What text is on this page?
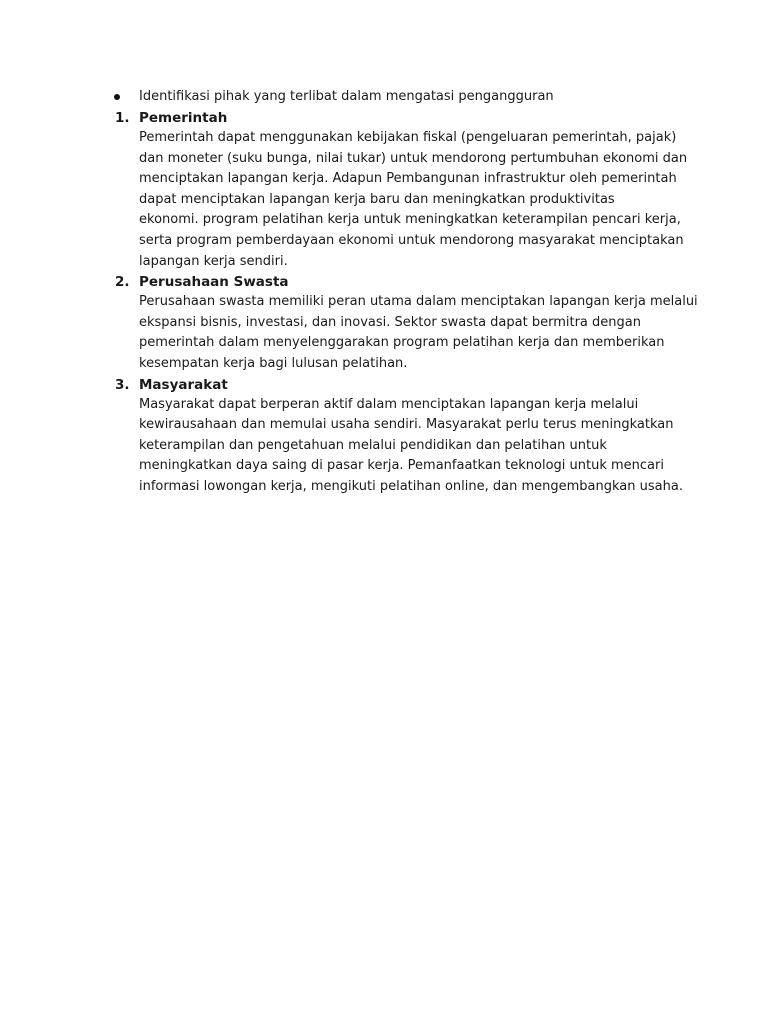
Identifikasi pihak yang terlibat dalam mengatasi pengangguran
1. Pemerintah

Pemerintah dapat menggunakan kebijakan fiskal (pengeluaran pemerintah, pajak)
dan moneter (suku bunga, nilai tukar) untuk mendorong pertumbuhan ekonomi dan
menciptakan lapangan kerja. Adapun Pembangunan infrastruktur oleh pemerintah
dapat menciptakan lapangan kerja baru dan meningkatkan produktivitas
ekonomi. program pelatihan kerja untuk meningkatkan keterampilan pencari kerja,
serta program pemberdayaan ekonomi untuk mendorong masyarakat menciptakan
lapangan kerja sendiri.

2. Perusahaan Swasta

Perusahaan swasta memiliki peran utama dalam menciptakan lapangan kerja melalui
ekspansi bisnis, investasi, dan inovasi. Sektor swasta dapat bermitra dengan
pemerintah dalam menyelenggarakan program pelatihan kerja dan memberikan
kesempatan kerja bagi lulusan pelatihan.

3. Masyarakat

Masyarakat dapat berperan aktif dalam menciptakan lapangan kerja melalui
kewirausahaan dan memulai usaha sendiri. Masyarakat perlu terus meningkatkan
keterampilan dan pengetahuan melalui pendidikan dan pelatihan untuk
meningkatkan daya saing di pasar kerja. Pemanfaatkan teknologi untuk mencari
informasi lowongan kerja, mengikuti pelatihan online, dan mengembangkan usaha.
